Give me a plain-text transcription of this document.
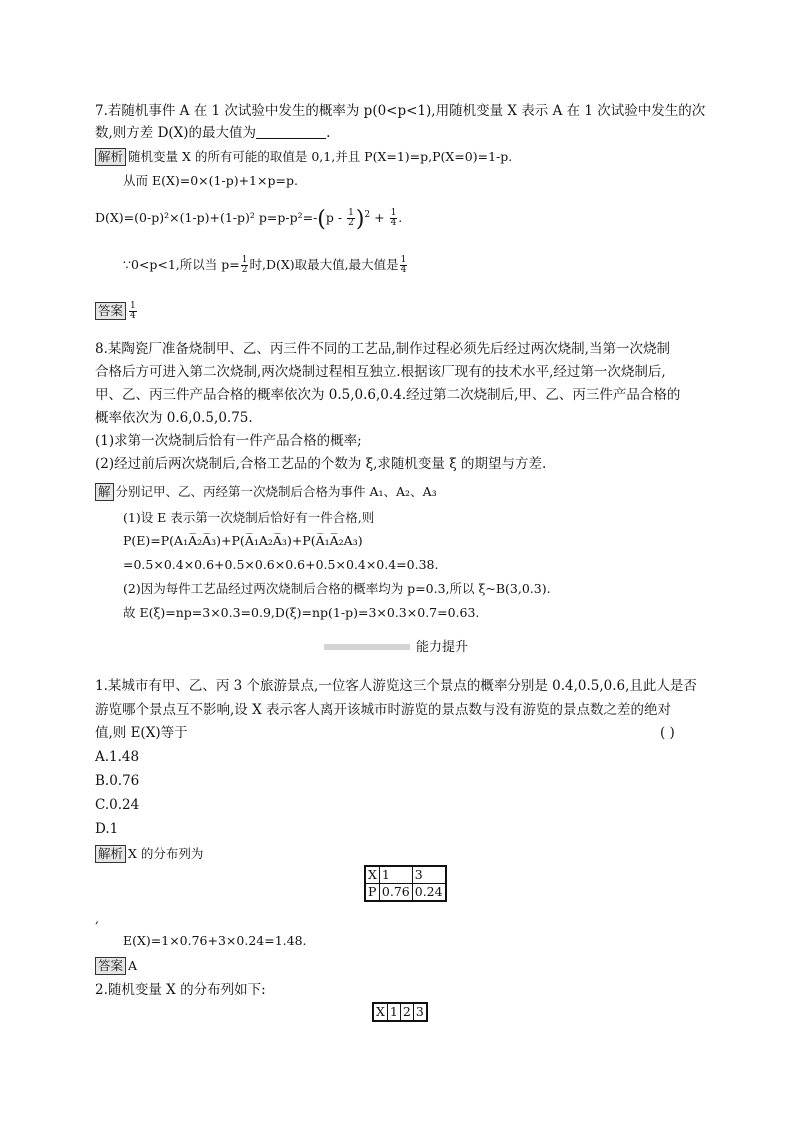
7.若随机事件 A 在 1 次试验中发生的概率为 p(0<p<1),用随机变量 X 表示 A 在 1 次试验中发生的次
数,则方差 D(X)的最大值为	.
解析 随机变量 X 的所有可能的取值是 0,1,并且 P(X=1)=p,P(X=0)=1-p.
从而 E(X)=0×(1-p)+1×p=p.
D(X)=(0-p)²×(1-p)+(1-p)² $p=p-p^2=-(p - \frac{1}{2} )^2 + \frac{1}{4}$ .
∵0<p<1,所以当 $p= \frac{1}{2}$ 时,D(X)取最大值,最大值是 $\frac{1}{4}$
答案 $\frac{1}{4}$
8.某陶瓷厂准备烧制甲、乙、丙三件不同的工艺品,制作过程必须先后经过两次烧制,当第一次烧制
合格后方可进入第二次烧制,两次烧制过程相互独立.根据该厂现有的技术水平,经过第一次烧制后,
甲、乙、丙三件产品合格的概率依次为 0.5,0.6,0.4.经过第二次烧制后,甲、乙、丙三件产品合格的
概率依次为 0.6,0.5,0.75.
(1)求第一次烧制后恰有一件产品合格的概率;
(2)经过前后两次烧制后,合格工艺品的个数为 ξ,求随机变量 ξ 的期望与方差.
解 分别记甲、乙、丙经第一次烧制后合格为事件 A₁、A₂、A₃
(1)设 E 表示第一次烧制后恰好有一件合格,则
P(E)=P(A₁A̅₂A̅₃)+P(A̅₁A₂A̅₃)+P(A̅₁A̅₂A₃)
=0.5×0.4×0.6+0.5×0.6×0.6+0.5×0.4×0.4=0.38.
(2)因为每件工艺品经过两次烧制后合格的概率均为 p=0.3,所以 ξ~B(3,0.3).
故 E(ξ)=np=3×0.3=0.9,D(ξ)=np(1-p)=3×0.3×0.7=0.63.
能力提升
1.某城市有甲、乙、丙 3 个旅游景点,一位客人游览这三个景点的概率分别是 0.4,0.5,0.6,且此人是否
游览哪个景点互不影响,设 X 表示客人离开该城市时游览的景点数与没有游览的景点数之差的绝对
值,则 E(X)等于	( )
A.1.48
B.0.76
C.0.24
D.1
解析 X 的分布列为
X	1	3
P	0.76	0.24
,
E(X)=1×0.76+3×0.24=1.48.
答案 A
2.随机变量 X 的分布列如下:
X	1	2	3
